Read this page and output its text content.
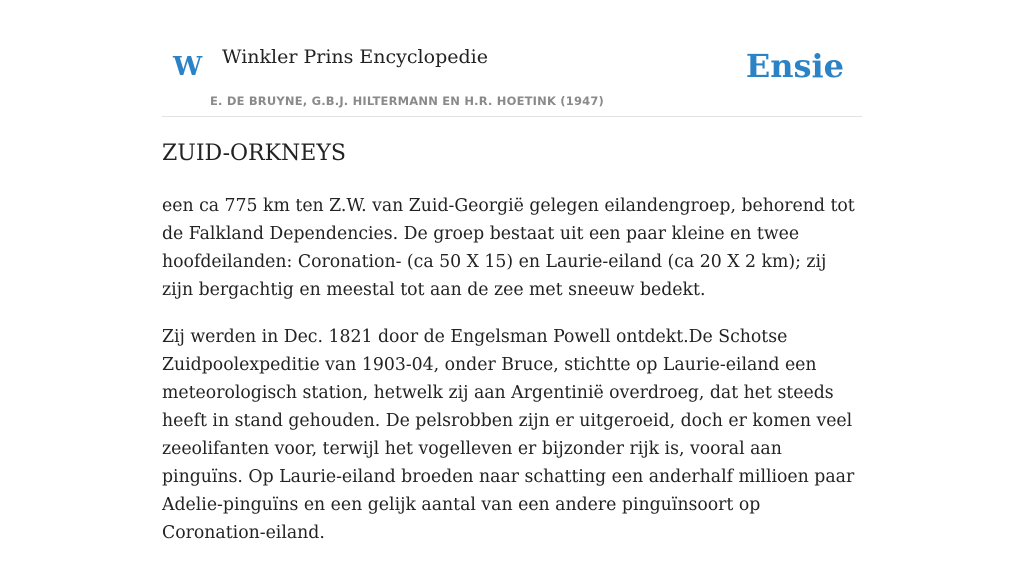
W Winkler Prins Encyclopedie
E. DE BRUYNE, G.B.J. HILTERMANN EN H.R. HOETINK (1947)
Ensie
ZUID-ORKNEYS

een ca 775 km ten Z.W. van Zuid-Georgië gelegen eilandengroep, behorend tot de Falkland Dependencies. De groep bestaat uit een paar kleine en twee hoofdeilanden: Coronation- (ca 50 X 15) en Laurie-eiland (ca 20 X 2 km); zij zijn bergachtig en meestal tot aan de zee met sneeuw bedekt.

Zij werden in Dec. 1821 door de Engelsman Powell ontdekt.De Schotse Zuidpoolexpeditie van 1903-04, onder Bruce, stichtte op Laurie-eiland een meteorologisch station, hetwelk zij aan Argentinië overdroeg, dat het steeds heeft in stand gehouden. De pelsrobben zijn er uitgeroeid, doch er komen veel zeeolifanten voor, terwijl het vogelleven er bijzonder rijk is, vooral aan pinguïns. Op Laurie-eiland broeden naar schatting een anderhalf millioen paar Adelie-pinguïns en een gelijk aantal van een andere pinguïnsoort op Coronation-eiland.
